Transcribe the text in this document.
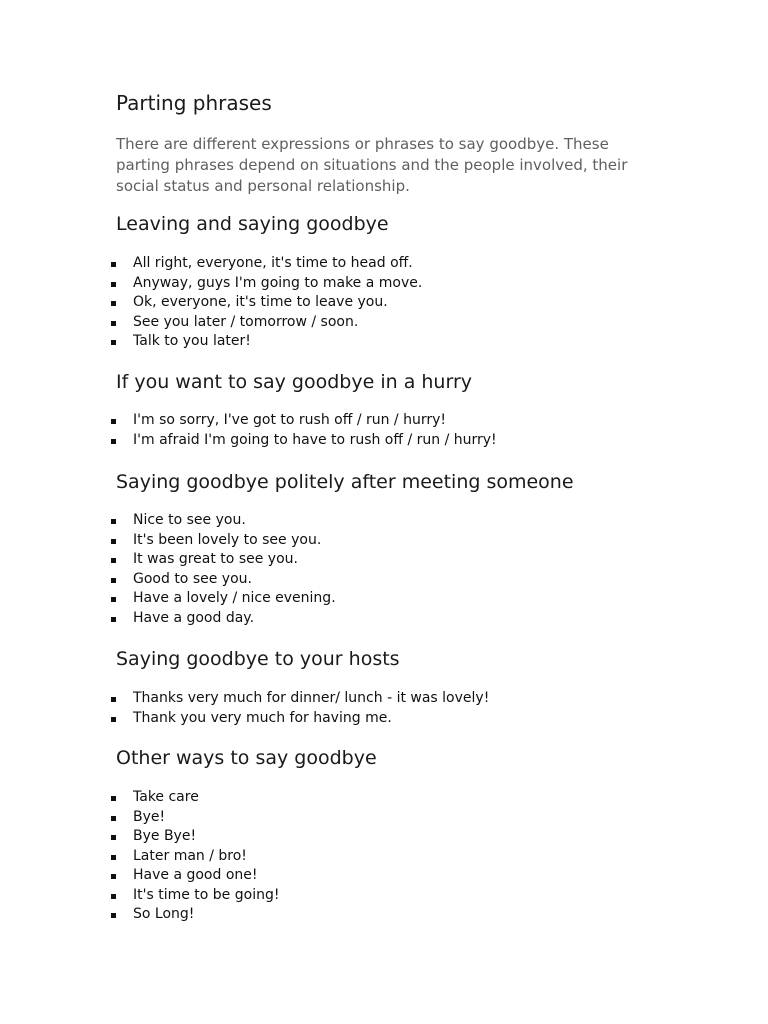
Parting phrases

There are different expressions or phrases to say goodbye. These parting phrases depend on situations and the people involved, their social status and personal relationship.

Leaving and saying goodbye
All right, everyone, it's time to head off.
Anyway, guys I'm going to make a move.
Ok, everyone, it's time to leave you.
See you later / tomorrow / soon.
Talk to you later!
If you want to say goodbye in a hurry
I'm so sorry, I've got to rush off / run / hurry!
I'm afraid I'm going to have to rush off / run / hurry!
Saying goodbye politely after meeting someone
Nice to see you.
It's been lovely to see you.
It was great to see you.
Good to see you.
Have a lovely / nice evening.
Have a good day.
Saying goodbye to your hosts
Thanks very much for dinner/ lunch - it was lovely!
Thank you very much for having me.
Other ways to say goodbye
Take care
Bye!
Bye Bye!
Later man / bro!
Have a good one!
It's time to be going!
So Long!
